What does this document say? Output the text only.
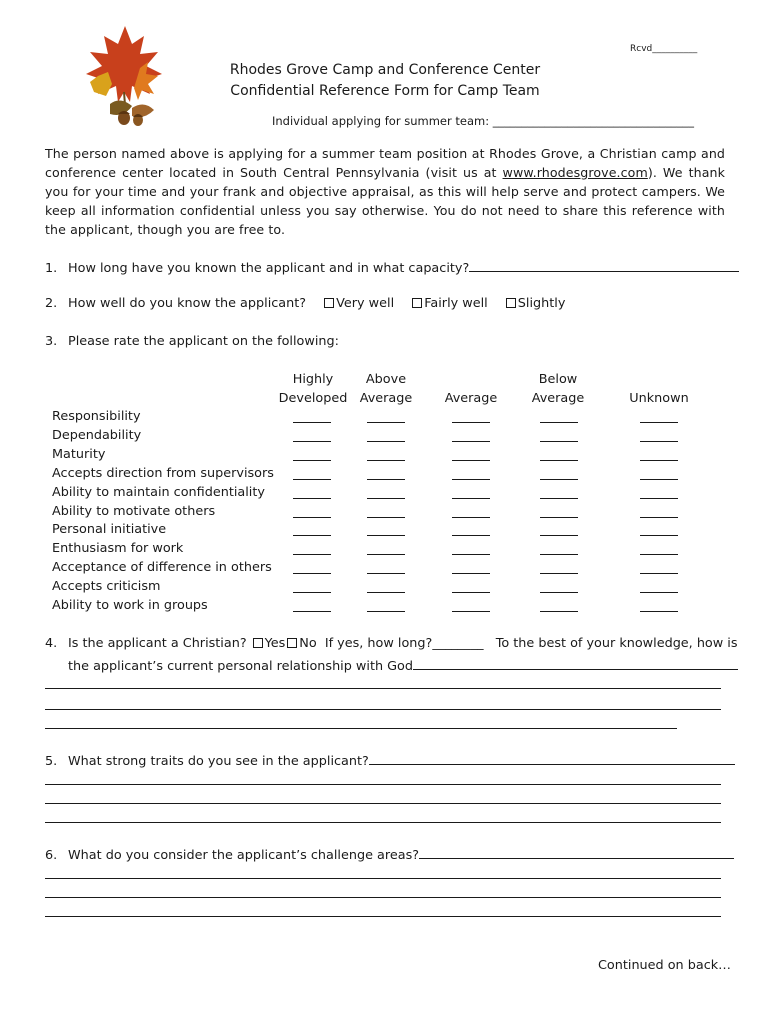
Rcvd__________
Rhodes Grove Camp and Conference Center
Confidential Reference Form for Camp Team
Individual applying for summer team: ___________________________________
The person named above is applying for a summer team position at Rhodes Grove, a Christian camp and conference center located in South Central Pennsylvania (visit us at www.rhodesgrove.com). We thank you for your time and your frank and objective appraisal, as this will help serve and protect campers. We keep all information confidential unless you say otherwise. You do not need to share this reference with the applicant, though you are free to.
1. How long have you known the applicant and in what capacity?
2. How well do you know the applicant? Very well Fairly well Slightly
3. Please rate the applicant on the following:
Highly
Developed
Above
Average
	Average
Below
Average
	Unknown
Responsibility
Dependability
Maturity
Accepts direction from supervisors
Ability to maintain confidentiality
Ability to motivate others
Personal initiative
Enthusiasm for work
Acceptance of difference in others
Accepts criticism
Ability to work in groups
4. Is the applicant a Christian? Yes No If yes, how long?________ To the best of your knowledge, how is
the applicant’s current personal relationship with God
5. What strong traits do you see in the applicant?
6. What do you consider the applicant’s challenge areas?
Continued on back…
